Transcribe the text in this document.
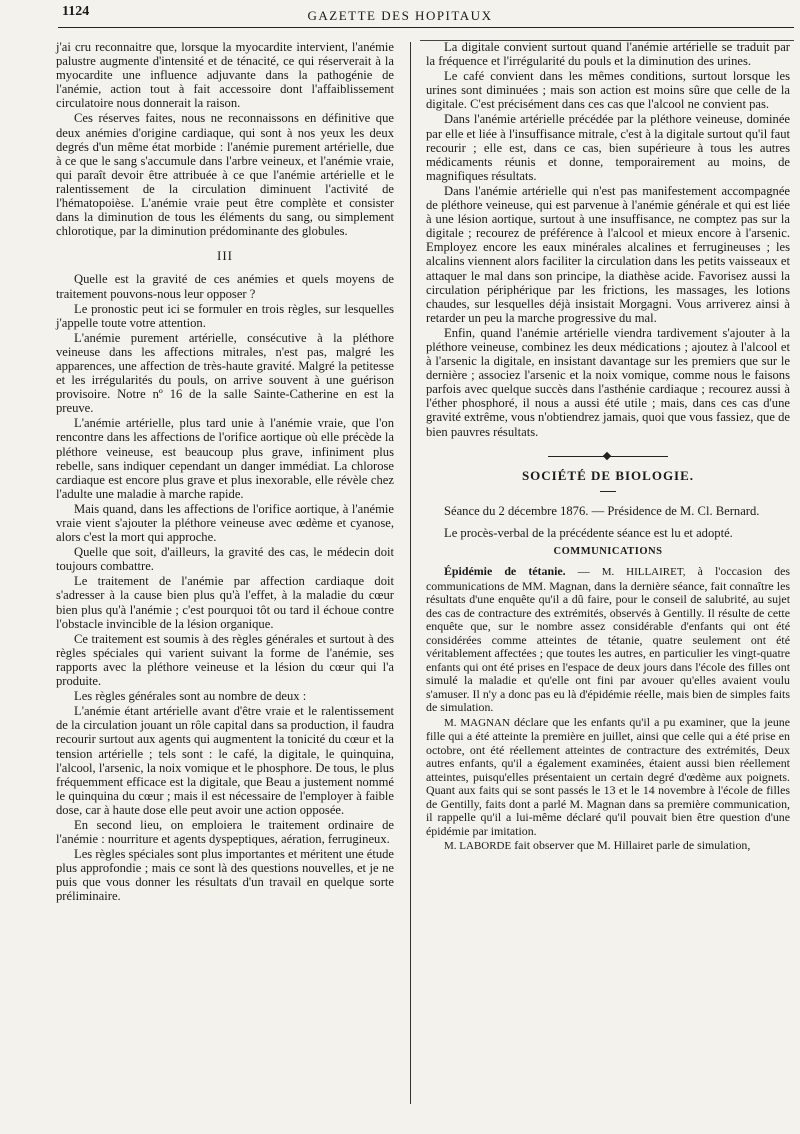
1124	GAZETTE DES HOPITAUX

j'ai cru reconnaitre que, lorsque la myocardite intervient, l'anémie palustre augmente d'intensité et de ténacité, ce qui réserverait à la myocardite une influence adjuvante dans la pathogénie de l'anémie, action tout à fait accessoire dont l'affaiblissement circulatoire nous donnerait la raison.

Ces réserves faites, nous ne reconnaissons en définitive que deux anémies d'origine cardiaque, qui sont à nos yeux les deux degrés d'un même état morbide : l'anémie purement artérielle, due à ce que le sang s'accumule dans l'arbre veineux, et l'anémie vraie, qui paraît devoir être attribuée à ce que l'anémie artérielle et le ralentissement de la circulation diminuent l'activité de l'hématopoièse. L'anémie vraie peut être complète et consister dans la diminution de tous les éléments du sang, ou simplement chlorotique, par la diminution prédominante des globules.

III

Quelle est la gravité de ces anémies et quels moyens de traitement pouvons-nous leur opposer ?

Le pronostic peut ici se formuler en trois règles, sur lesquelles j'appelle toute votre attention.

L'anémie purement artérielle, consécutive à la pléthore veineuse dans les affections mitrales, n'est pas, malgré les apparences, une affection de très-haute gravité. Malgré la petitesse et les irrégularités du pouls, on arrive souvent à une guérison provisoire. Notre nº 16 de la salle Sainte-Catherine en est la preuve.

L'anémie artérielle, plus tard unie à l'anémie vraie, que l'on rencontre dans les affections de l'orifice aortique où elle précède la pléthore veineuse, est beaucoup plus grave, infiniment plus rebelle, sans indiquer cependant un danger immédiat. La chlorose cardiaque est encore plus grave et plus inexorable, elle révèle chez l'adulte une maladie à marche rapide.

Mais quand, dans les affections de l'orifice aortique, à l'anémie vraie vient s'ajouter la pléthore veineuse avec œdème et cyanose, alors c'est la mort qui approche.

Quelle que soit, d'ailleurs, la gravité des cas, le médecin doit toujours combattre.

Le traitement de l'anémie par affection cardiaque doit s'adresser à la cause bien plus qu'à l'effet, à la maladie du cœur bien plus qu'à l'anémie ; c'est pourquoi tôt ou tard il échoue contre l'obstacle invincible de la lésion organique.

Ce traitement est soumis à des règles générales et surtout à des règles spéciales qui varient suivant la forme de l'anémie, ses rapports avec la pléthore veineuse et la lésion du cœur qui l'a produite.

Les règles générales sont au nombre de deux :

L'anémie étant artérielle avant d'être vraie et le ralentissement de la circulation jouant un rôle capital dans sa production, il faudra recourir surtout aux agents qui augmentent la tonicité du cœur et la tension artérielle ; tels sont : le café, la digitale, le quinquina, l'alcool, l'arsenic, la noix vomique et le phosphore. De tous, le plus fréquemment efficace est la digitale, que Beau a justement nommé le quinquina du cœur ; mais il est nécessaire de l'employer à faible dose, car à haute dose elle peut avoir une action opposée.

En second lieu, on emploiera le traitement ordinaire de l'anémie : nourriture et agents dyspeptiques, aération, ferrugineux.

Les règles spéciales sont plus importantes et méritent une étude plus approfondie ; mais ce sont là des questions nouvelles, et je ne puis que vous donner les résultats d'un travail en quelque sorte préliminaire.

La digitale convient surtout quand l'anémie artérielle se traduit par la fréquence et l'irrégularité du pouls et la diminution des urines.

Le café convient dans les mêmes conditions, surtout lorsque les urines sont diminuées ; mais son action est moins sûre que celle de la digitale. C'est précisément dans ces cas que l'alcool ne convient pas.

Dans l'anémie artérielle précédée par la pléthore veineuse, dominée par elle et liée à l'insuffisance mitrale, c'est à la digitale surtout qu'il faut recourir ; elle est, dans ce cas, bien supérieure à tous les autres médicaments réunis et donne, temporairement au moins, de magnifiques résultats.

Dans l'anémie artérielle qui n'est pas manifestement accompagnée de pléthore veineuse, qui est parvenue à l'anémie générale et qui est liée à une lésion aortique, surtout à une insuffisance, ne comptez pas sur la digitale ; recourez de préférence à l'alcool et mieux encore à l'arsenic. Employez encore les eaux minérales alcalines et ferrugineuses ; les alcalins viennent alors faciliter la circulation dans les petits vaisseaux et attaquer le mal dans son principe, la diathèse acide. Favorisez aussi la circulation périphérique par les frictions, les massages, les lotions chaudes, sur lesquelles déjà insistait Morgagni. Vous arriverez ainsi à retarder un peu la marche progressive du mal.

Enfin, quand l'anémie artérielle viendra tardivement s'ajouter à la pléthore veineuse, combinez les deux médications ; ajoutez à l'alcool et à l'arsenic la digitale, en insistant davantage sur les premiers que sur le dernière ; associez l'arsenic et la noix vomique, comme nous le faisons parfois avec quelque succès dans l'asthénie cardiaque ; recourez aussi à l'éther phosphoré, il nous a aussi été utile ; mais, dans ces cas d'une gravité extrême, vous n'obtiendrez jamais, quoi que vous fassiez, que de bien pauvres résultats.

SOCIÉTÉ DE BIOLOGIE.

Séance du 2 décembre 1876. — Présidence de M. Cl. Bernard.

Le procès-verbal de la précédente séance est lu et adopté.

COMMUNICATIONS

Épidémie de tétanie. — M. HILLAIRET, à l'occasion des communications de MM. Magnan, dans la dernière séance, fait connaître les résultats d'une enquête qu'il a dû faire, pour le conseil de salubrité, au sujet des cas de contracture des extrémités, observés à Gentilly. Il résulte de cette enquête que, sur le nombre assez considérable d'enfants qui ont été considérées comme atteintes de tétanie, quatre seulement ont été véritablement affectées ; que toutes les autres, en particulier les vingt-quatre enfants qui ont été prises en l'espace de deux jours dans l'école des filles ont simulé la maladie et qu'elle ont fini par avouer qu'elles avaient voulu s'amuser. Il n'y a donc pas eu là d'épidémie réelle, mais bien de simples faits de simulation.

M. MAGNAN déclare que les enfants qu'il a pu examiner, que la jeune fille qui a été atteinte la première en juillet, ainsi que celle qui a été prise en octobre, ont été réellement atteintes de contracture des extrémités, Deux autres enfants, qu'il a également examinées, étaient aussi bien réellement atteintes, puisqu'elles présentaient un certain degré d'œdème aux poignets. Quant aux faits qui se sont passés le 13 et le 14 novembre à l'école de filles de Gentilly, faits dont a parlé M. Magnan dans sa première communication, il rappelle qu'il a lui-même déclaré qu'il pouvait bien être question d'une épidémie par imitation.

M. LABORDE fait observer que M. Hillairet parle de simulation,
